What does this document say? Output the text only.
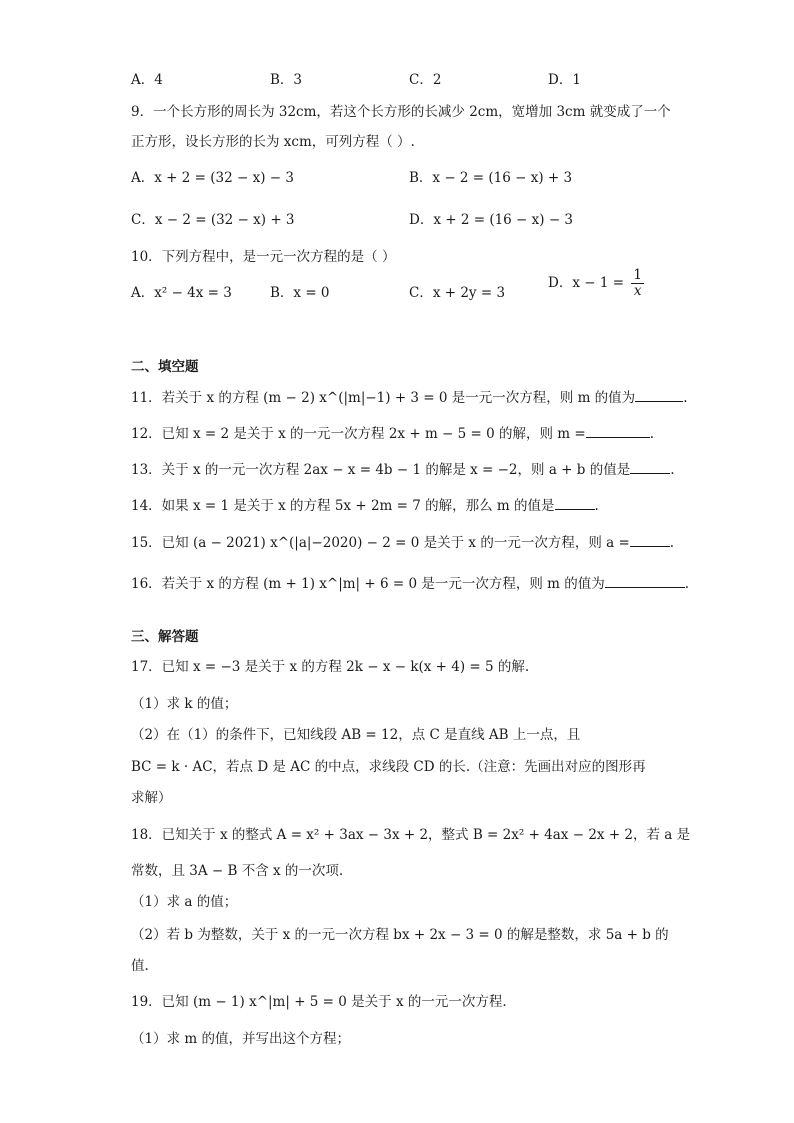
A．4	B．3	C．2	D．1
9．一个长方形的周长为 32cm，若这个长方形的长减少 2cm，宽增加 3cm 就变成了一个
正方形，设长方形的长为 xcm，可列方程（ ）.
A．x + 2 = (32 − x) − 3	B．x − 2 = (16 − x) + 3
C．x − 2 = (32 − x) + 3	D．x + 2 = (16 − x) − 3
10．下列方程中，是一元一次方程的是（ ）
A．x² − 4x = 3	B．x = 0	C．x + 2y = 3
D．$x - 1 = \frac{1}{x}$
二、填空题
11．若关于 x 的方程 (m − 2) x^(|m|−1) + 3 = 0 是一元一次方程，则 m 的值为	.
12．已知 x = 2 是关于 x 的一元一次方程 2x + m − 5 = 0 的解，则 m =	.
13．关于 x 的一元一次方程 2ax − x = 4b − 1 的解是 x = −2，则 a + b 的值是	.
14．如果 x = 1 是关于 x 的方程 5x + 2m = 7 的解，那么 m 的值是	.
15．已知 (a − 2021) x^(|a|−2020) − 2 = 0 是关于 x 的一元一次方程，则 a =	.
16．若关于 x 的方程 (m + 1) x^|m| + 6 = 0 是一元一次方程，则 m 的值为	.
三、解答题
17．已知 x = −3 是关于 x 的方程 2k − x − k(x + 4) = 5 的解.
（1）求 k 的值；
（2）在（1）的条件下，已知线段 AB = 12，点 C 是直线 AB 上一点，且
BC = k · AC，若点 D 是 AC 的中点，求线段 CD 的长.（注意：先画出对应的图形再
求解）
18．已知关于 x 的整式 A = x² + 3ax − 3x + 2，整式 B = 2x² + 4ax − 2x + 2，若 a 是
常数，且 3A − B 不含 x 的一次项.
（1）求 a 的值；
（2）若 b 为整数，关于 x 的一元一次方程 bx + 2x − 3 = 0 的解是整数，求 5a + b 的
值.
19．已知 (m − 1) x^|m| + 5 = 0 是关于 x 的一元一次方程.
（1）求 m 的值，并写出这个方程；
